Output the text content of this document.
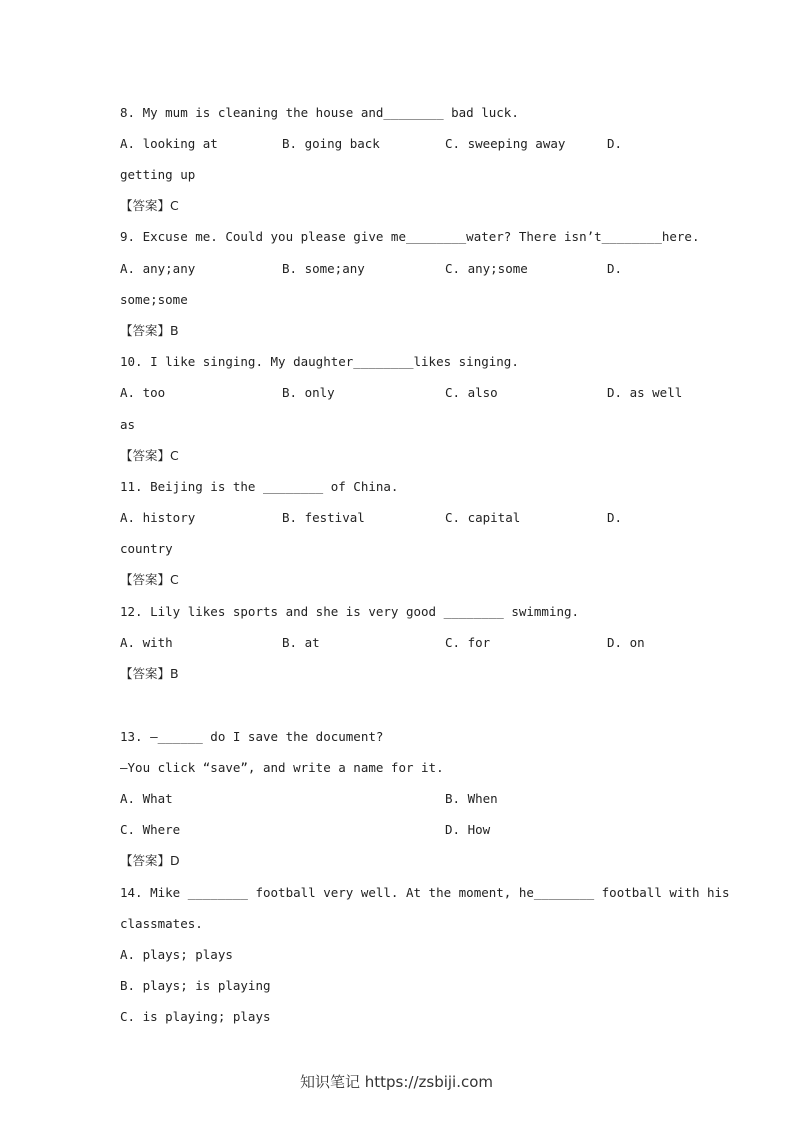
8. My mum is cleaning the house and________ bad luck.
A. looking at	B. going back	C. sweeping away	D.
getting up
【答案】C
9. Excuse me. Could you please give me________water? There isn’t________here.
A. any;any	B. some;any	C. any;some	D.
some;some
【答案】B
10. I like singing. My daughter________likes singing.
A. too	B. only	C. also	D. as well
as
【答案】C
11. Beijing is the ________ of China.
A. history	B. festival	C. capital	D.
country
【答案】C
12. Lily likes sports and she is very good ________ swimming.
A. with	B. at	C. for	D. on
【答案】B
13. —______ do I save the document?
—You click “save”, and write a name for it.
A. What	B. When
C. Where	D. How
【答案】D
14. Mike ________ football very well. At the moment, he________ football with his
classmates.
A. plays; plays
B. plays; is playing
C. is playing; plays
知识笔记 https://zsbiji.com
